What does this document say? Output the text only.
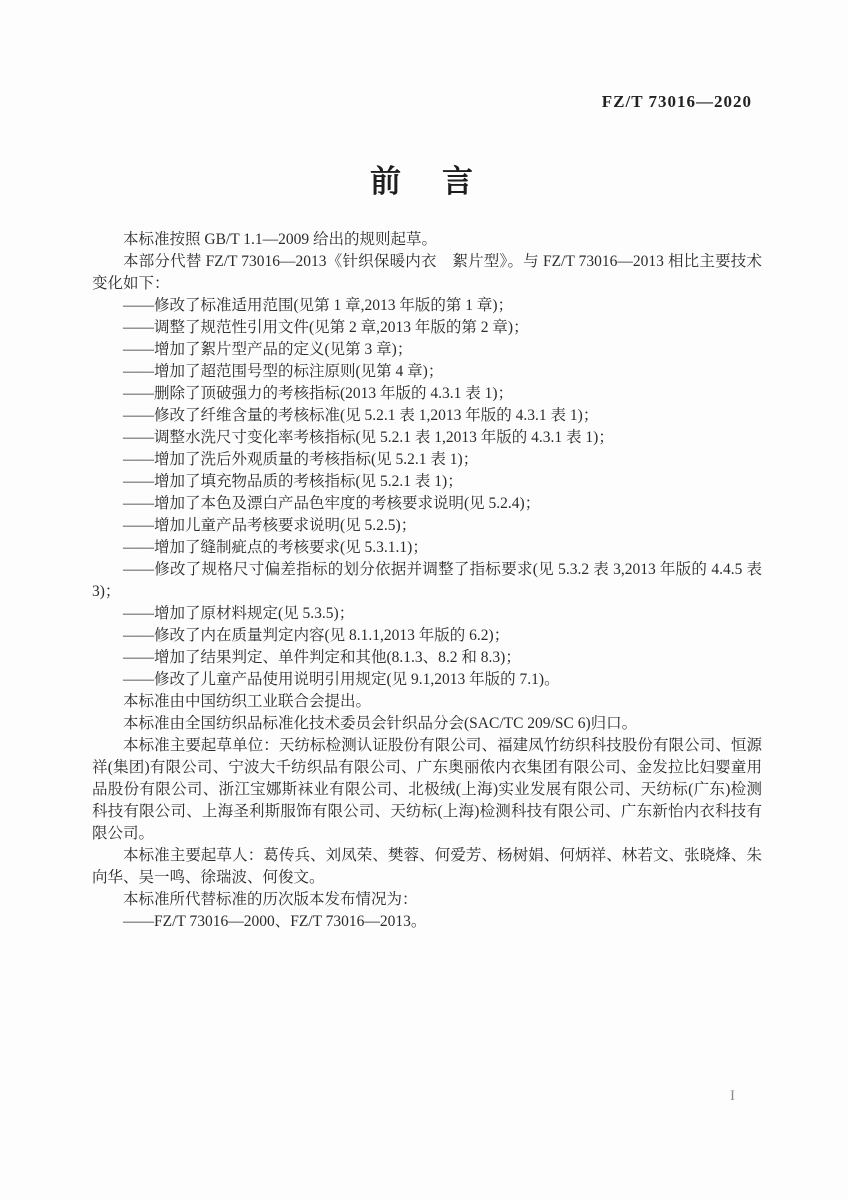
FZ/T 73016—2020
前　言

本标准按照 GB/T 1.1—2009 给出的规则起草。

本部分代替 FZ/T 73016—2013《针织保暖内衣　絮片型》。与 FZ/T 73016—2013 相比主要技术变化如下：

——修改了标准适用范围(见第 1 章,2013 年版的第 1 章)；

——调整了规范性引用文件(见第 2 章,2013 年版的第 2 章)；

——增加了絮片型产品的定义(见第 3 章)；

——增加了超范围号型的标注原则(见第 4 章)；

——删除了顶破强力的考核指标(2013 年版的 4.3.1 表 1)；

——修改了纤维含量的考核标准(见 5.2.1 表 1,2013 年版的 4.3.1 表 1)；

——调整水洗尺寸变化率考核指标(见 5.2.1 表 1,2013 年版的 4.3.1 表 1)；

——增加了洗后外观质量的考核指标(见 5.2.1 表 1)；

——增加了填充物品质的考核指标(见 5.2.1 表 1)；

——增加了本色及漂白产品色牢度的考核要求说明(见 5.2.4)；

——增加儿童产品考核要求说明(见 5.2.5)；

——增加了缝制疵点的考核要求(见 5.3.1.1)；

——修改了规格尺寸偏差指标的划分依据并调整了指标要求(见 5.3.2 表 3,2013 年版的 4.4.5 表 3)；

——增加了原材料规定(见 5.3.5)；

——修改了内在质量判定内容(见 8.1.1,2013 年版的 6.2)；

——增加了结果判定、单件判定和其他(8.1.3、8.2 和 8.3)；

——修改了儿童产品使用说明引用规定(见 9.1,2013 年版的 7.1)。

本标准由中国纺织工业联合会提出。

本标准由全国纺织品标准化技术委员会针织品分会(SAC/TC 209/SC 6)归口。

本标准主要起草单位：天纺标检测认证股份有限公司、福建凤竹纺织科技股份有限公司、恒源祥(集团)有限公司、宁波大千纺织品有限公司、广东奥丽侬内衣集团有限公司、金发拉比妇婴童用品股份有限公司、浙江宝娜斯袜业有限公司、北极绒(上海)实业发展有限公司、天纺标(广东)检测科技有限公司、上海圣利斯服饰有限公司、天纺标(上海)检测科技有限公司、广东新怡内衣科技有限公司。

本标准主要起草人：葛传兵、刘凤荣、樊蓉、何爱芳、杨树娟、何炳祥、林若文、张晓烽、朱向华、吴一鸣、徐瑞波、何俊文。

本标准所代替标准的历次版本发布情况为：

——FZ/T 73016—2000、FZ/T 73016—2013。

I
